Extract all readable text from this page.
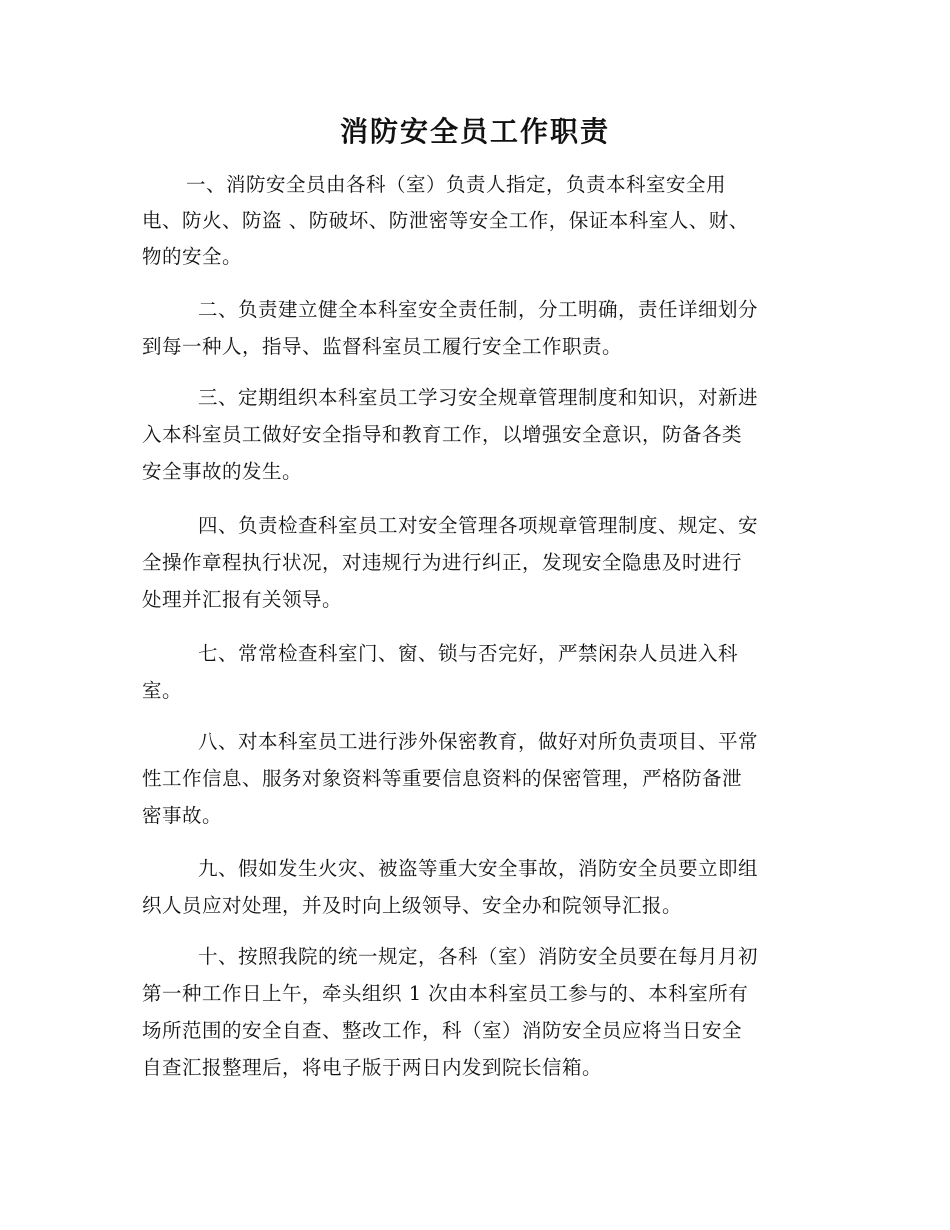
消防安全员工作职责
一、消防安全员由各科（室）负责人指定，负责本科室安全用
电、防火、防盗 、防破坏、防泄密等安全工作，保证本科室人、财、
物的安全。
二、负责建立健全本科室安全责任制，分工明确，责任详细划分
到每一种人，指导、监督科室员工履行安全工作职责。
三、定期组织本科室员工学习安全规章管理制度和知识，对新进
入本科室员工做好安全指导和教育工作，以增强安全意识，防备各类
安全事故的发生。
四、负责检查科室员工对安全管理各项规章管理制度、规定、安
全操作章程执行状况，对违规行为进行纠正，发现安全隐患及时进行
处理并汇报有关领导。
七、常常检查科室门、窗、锁与否完好，严禁闲杂人员进入科
室。
八、对本科室员工进行涉外保密教育，做好对所负责项目、平常
性工作信息、服务对象资料等重要信息资料的保密管理，严格防备泄
密事故。
九、假如发生火灾、被盗等重大安全事故，消防安全员要立即组
织人员应对处理，并及时向上级领导、安全办和院领导汇报。
十、按照我院的统一规定，各科（室）消防安全员要在每月月初
第一种工作日上午，牵头组织 1 次由本科室员工参与的、本科室所有
场所范围的安全自查、整改工作，科（室）消防安全员应将当日安全
自查汇报整理后，将电子版于两日内发到院长信箱。
